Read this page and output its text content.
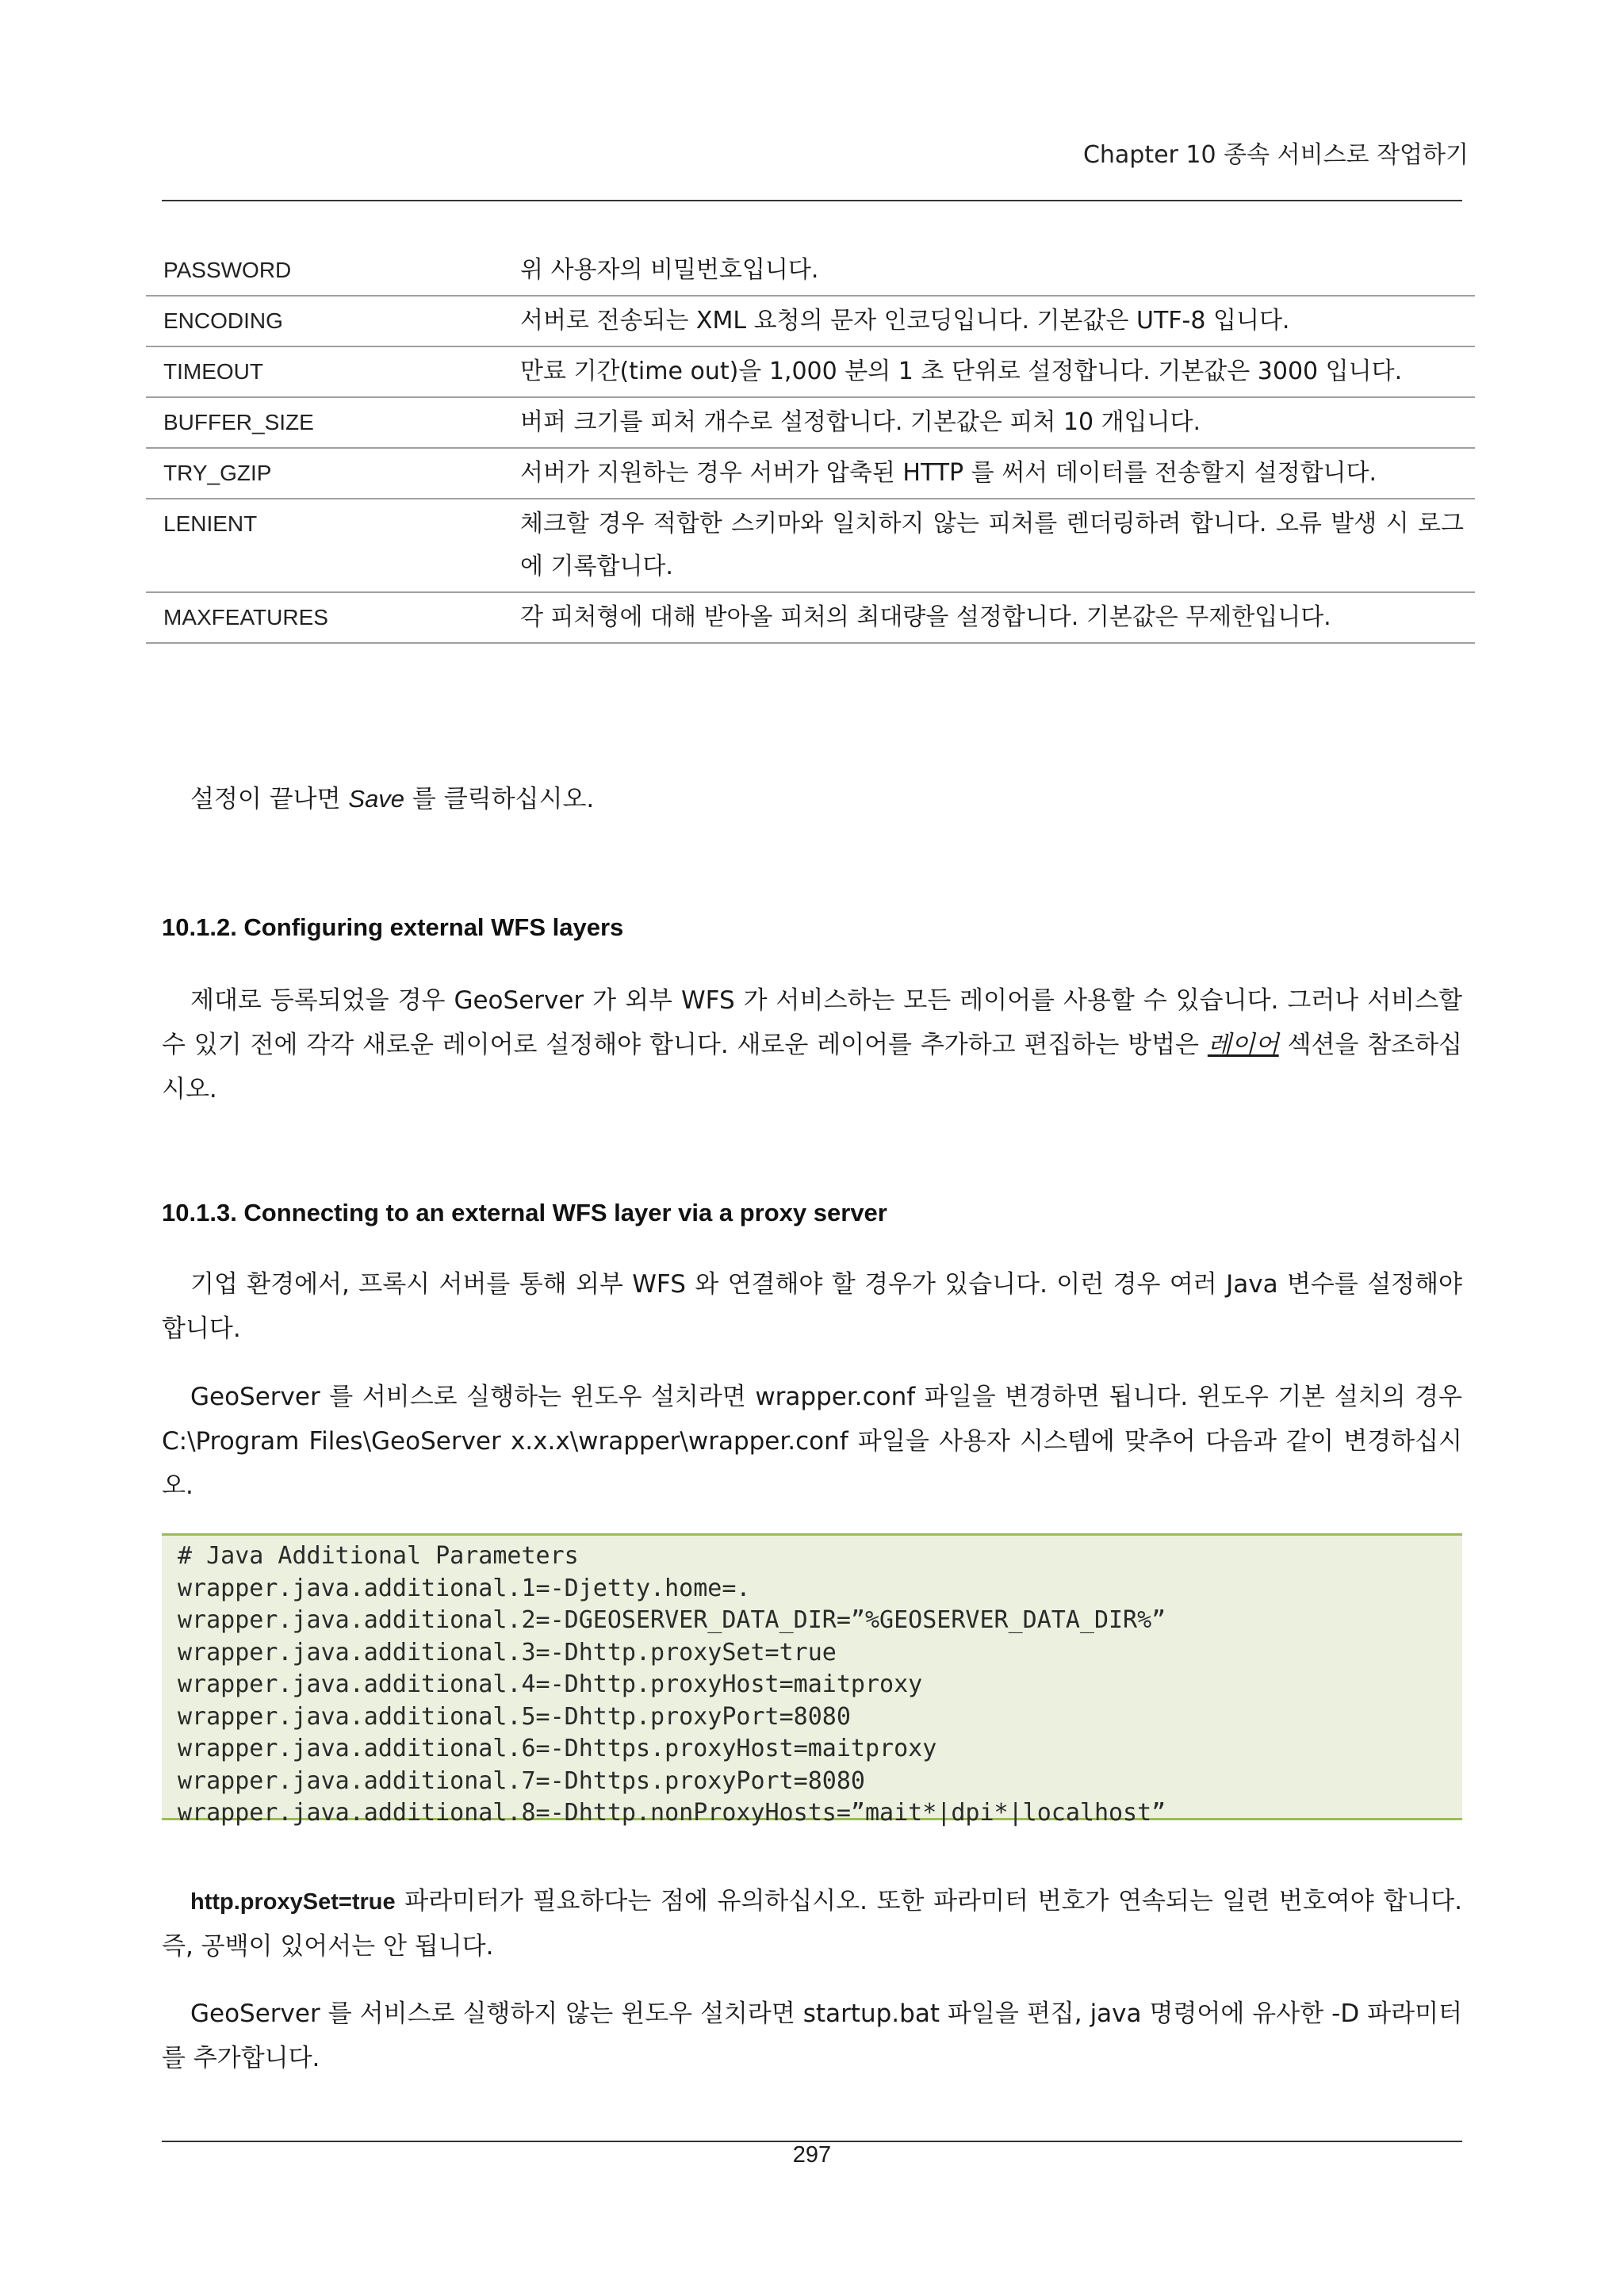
Chapter 10 종속 서비스로 작업하기
PASSWORD	위 사용자의 비밀번호입니다.
ENCODING	서버로 전송되는 XML 요청의 문자 인코딩입니다. 기본값은 UTF-8 입니다.
TIMEOUT	만료 기간(time out)을 1,000 분의 1 초 단위로 설정합니다. 기본값은 3000 입니다.
BUFFER_SIZE	버퍼 크기를 피처 개수로 설정합니다. 기본값은 피처 10 개입니다.
TRY_GZIP	서버가 지원하는 경우 서버가 압축된 HTTP 를 써서 데이터를 전송할지 설정합니다.
LENIENT	체크할 경우 적합한 스키마와 일치하지 않는 피처를 렌더링하려 합니다. 오류 발생 시 로그에 기록합니다.
MAXFEATURES	각 피처형에 대해 받아올 피처의 최대량을 설정합니다. 기본값은 무제한입니다.

설정이 끝나면 Save 를 클릭하십시오.

10.1.2. Configuring external WFS layers

제대로 등록되었을 경우 GeoServer 가 외부 WFS 가 서비스하는 모든 레이어를 사용할 수 있습니다. 그러나 서비스할 수 있기 전에 각각 새로운 레이어로 설정해야 합니다. 새로운 레이어를 추가하고 편집하는 방법은 레이어 섹션을 참조하십시오.

10.1.3. Connecting to an external WFS layer via a proxy server

기업 환경에서, 프록시 서버를 통해 외부 WFS 와 연결해야 할 경우가 있습니다. 이런 경우 여러 Java 변수를 설정해야 합니다.

GeoServer 를 서비스로 실행하는 윈도우 설치라면 wrapper.conf 파일을 변경하면 됩니다. 윈도우 기본 설치의 경우 C:\Program Files\GeoServer x.x.x\wrapper\wrapper.conf 파일을 사용자 시스템에 맞추어 다음과 같이 변경하십시오.

# Java Additional Parameters
wrapper.java.additional.1=-Djetty.home=.
wrapper.java.additional.2=-DGEOSERVER_DATA_DIR=”%GEOSERVER_DATA_DIR%”
wrapper.java.additional.3=-Dhttp.proxySet=true
wrapper.java.additional.4=-Dhttp.proxyHost=maitproxy
wrapper.java.additional.5=-Dhttp.proxyPort=8080
wrapper.java.additional.6=-Dhttps.proxyHost=maitproxy
wrapper.java.additional.7=-Dhttps.proxyPort=8080
wrapper.java.additional.8=-Dhttp.nonProxyHosts=”mait*|dpi*|localhost”

http.proxySet=true 파라미터가 필요하다는 점에 유의하십시오. 또한 파라미터 번호가 연속되는 일련 번호여야 합니다. 즉, 공백이 있어서는 안 됩니다.

GeoServer 를 서비스로 실행하지 않는 윈도우 설치라면 startup.bat 파일을 편집, java 명령어에 유사한 -D 파라미터를 추가합니다.

297
